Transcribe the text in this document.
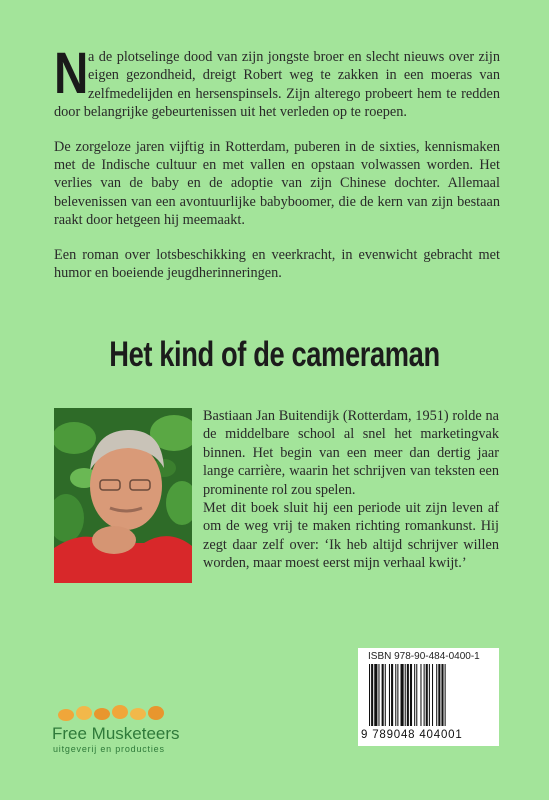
Na de plotselinge dood van zijn jongste broer en slecht nieuws over zijn eigen gezondheid, dreigt Robert weg te zakken in een moeras van zelfmedelijden en hersenspinsels. Zijn alterego probeert hem te redden door belangrijke gebeurtenissen uit het verleden op te roepen.

De zorgeloze jaren vijftig in Rotterdam, puberen in de sixties, kennismaken met de Indische cultuur en met vallen en opstaan volwassen worden. Het verlies van de baby en de adoptie van zijn Chinese dochter. Allemaal belevenissen van een avontuurlijke babyboomer, die de kern van zijn bestaan raakt door hetgeen hij meemaakt.

Een roman over lotsbeschikking en veerkracht, in evenwicht gebracht met humor en boeiende jeugdherinneringen.

Het kind of de cameraman

Bastiaan Jan Buitendijk (Rotterdam, 1951) rolde na de middelbare school al snel het marketingvak binnen. Het begin van een meer dan dertig jaar lange carrière, waarin het schrijven van teksten een prominente rol zou spelen.

Met dit boek sluit hij een periode uit zijn leven af om de weg vrij te maken richting romankunst. Hij zegt daar zelf over: ‘Ik heb altijd schrijver willen worden, maar moest eerst mijn verhaal kwijt.’

ISBN 978-90-484-0400-1
9 789048 404001
Free Musketeers
uitgeverij en producties
